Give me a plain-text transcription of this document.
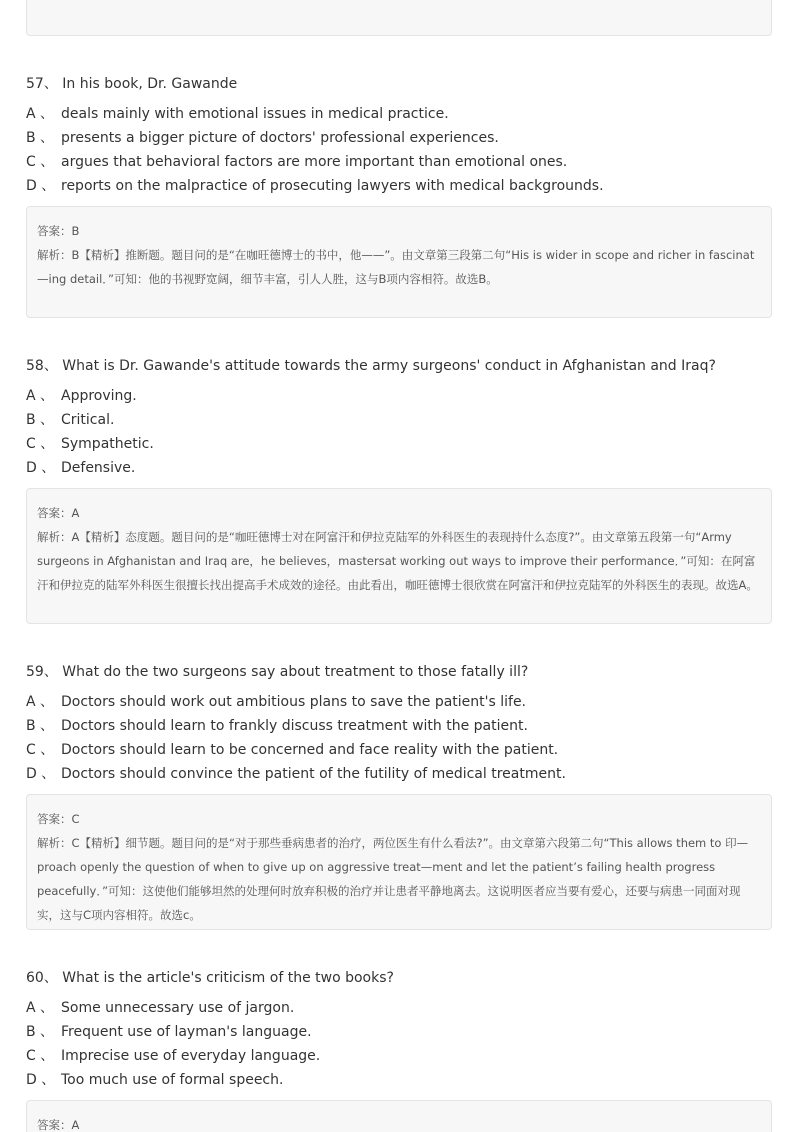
57、 In his book, Dr. Gawande

A 、 deals mainly with emotional issues in medical practice.

B 、 presents a bigger picture of doctors' professional experiences.

C 、 argues that behavioral factors are more important than emotional ones.

D 、 reports on the malpractice of prosecuting lawyers with medical backgrounds.

答案：B

解析：B【精析】推断题。题目问的是“在咖旺德博士的书中，他——”。由文章第三段第二句“His is wider in scope and richer in fascinat—ing detail．”可知：他的书视野宽阔，细节丰富，引人人胜，这与B项内容相符。故选B。

58、 What is Dr. Gawande's attitude towards the army surgeons' conduct in Afghanistan and Iraq?

A 、 Approving.

B 、 Critical.

C 、 Sympathetic.

D 、 Defensive.

答案：A

解析：A【精析】态度题。题目问的是“咖旺德博士对在阿富汗和伊拉克陆军的外科医生的表现持什么态度?”。由文章第五段第一句“Army surgeons in Afghanistan and Iraq are，he believes，mastersat working out ways to improve their performance．”可知：在阿富汗和伊拉克的陆军外科医生很擅长找出提高手术成效的途径。由此看出，咖旺德博士很欣赏在阿富汗和伊拉克陆军的外科医生的表现。故选A。

59、 What do the two surgeons say about treatment to those fatally ill?

A 、 Doctors should work out ambitious plans to save the patient's life.

B 、 Doctors should learn to frankly discuss treatment with the patient.

C 、 Doctors should learn to be concerned and face reality with the patient.

D 、 Doctors should convince the patient of the futility of medical treatment.

答案：C

解析：C【精析】细节题。题目问的是“对于那些垂病患者的治疗，两位医生有什么看法?”。由文章第六段第二句“This allows them to 印—proach openly the question of when to give up on aggressive treat—ment and let the patient’s failing health progress peacefully．”可知：这使他们能够坦然的处理何时放弃积极的治疗并让患者平静地离去。这说明医者应当要有爱心，还要与病患一同面对现实，这与C项内容相符。故选c。

60、 What is the article's criticism of the two books?

A 、 Some unnecessary use of jargon.

B 、 Frequent use of layman's language.

C 、 Imprecise use of everyday language.

D 、 Too much use of formal speech.

答案：A
